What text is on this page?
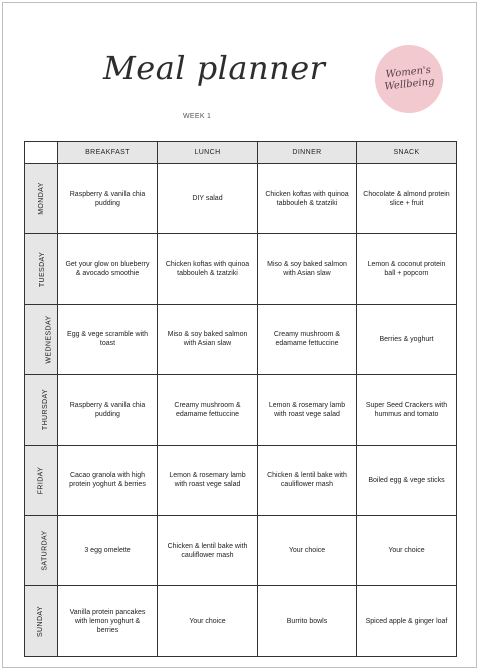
Meal planner
WEEK 1
Women's
Wellbeing
	BREAKFAST	LUNCH	DINNER	SNACK
MONDAY	Raspberry & vanilla chia pudding	DIY salad	Chicken koftas with quinoa tabbouleh & tzatziki	Chocolate & almond protein slice + fruit
TUESDAY	Get your glow on blueberry & avocado smoothie	Chicken koftas with quinoa tabbouleh & tzatziki	Miso & soy baked salmon with Asian slaw	Lemon & coconut protein ball + popcorn
WEDNESDAY	Egg & vege scramble with toast	Miso & soy baked salmon with Asian slaw	Creamy mushroom & edamame fettuccine	Berries & yoghurt
THURSDAY	Raspberry & vanilla chia pudding	Creamy mushroom & edamame fettuccine	Lemon & rosemary lamb with roast vege salad	Super Seed Crackers with hummus and tomato
FRIDAY	Cacao granola with high protein yoghurt & berries	Lemon & rosemary lamb with roast vege salad	Chicken & lentil bake with cauliflower mash	Boiled egg & vege sticks
SATURDAY	3 egg omelette	Chicken & lentil bake with cauliflower mash	Your choice	Your choice
SUNDAY	Vanilla protein pancakes with lemon yoghurt & berries	Your choice	Burrito bowls	Spiced apple & ginger loaf
